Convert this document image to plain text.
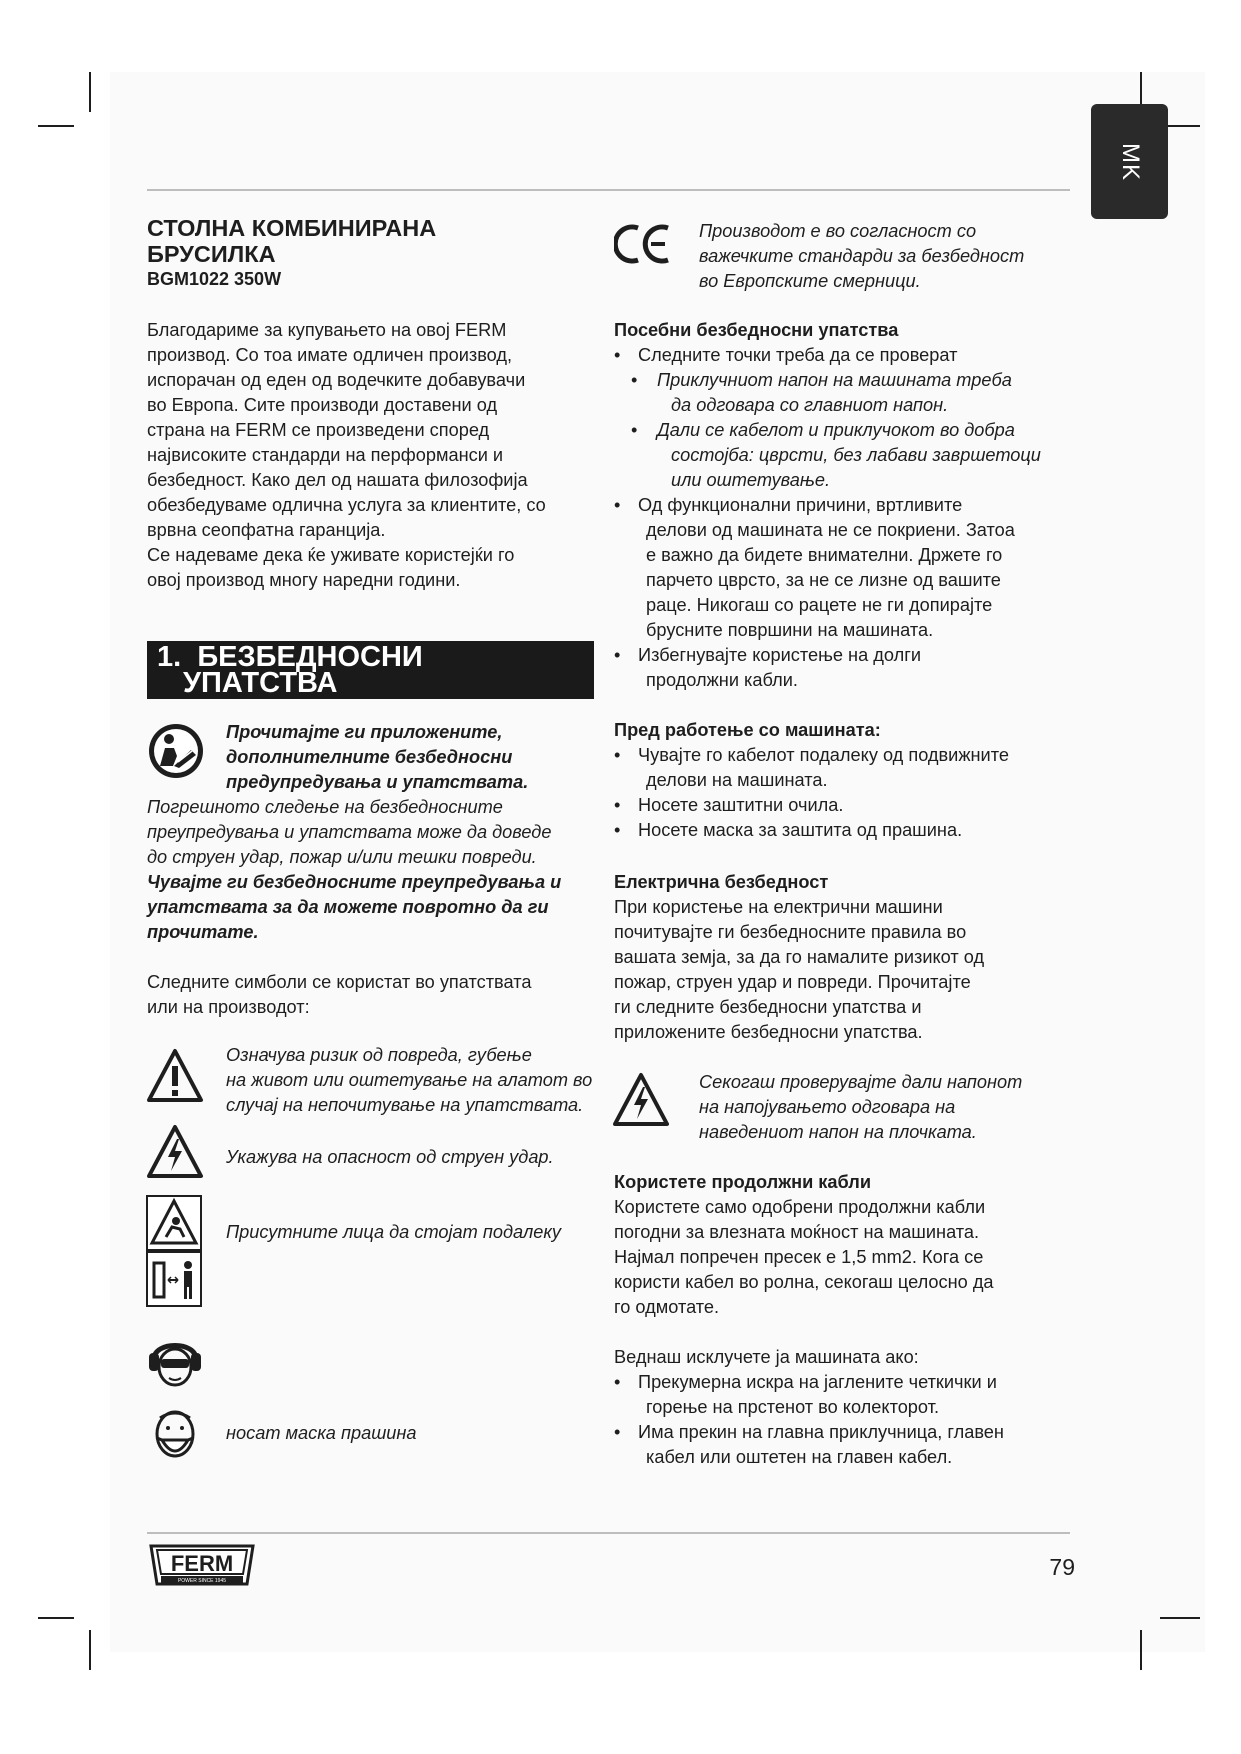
MK
СТОЛНА КОМБИНИРАНА
БРУСИЛКА
BGM1022 350W

Благодариме за купувањето на овој FERM

производ. Со тоа имате одличен производ,

испорачан од еден од водечките добавувачи

во Европа. Сите производи доставени од

страна на FERM се произведени според

највисоките стандарди на перформанси и

безбедност. Како дел од нашата филозофија

обезбедуваме одлична услуга за клиентите, со

врвна сеопфатна гаранција.

Се надеваме дека ќе уживате користејќи го

овој производ многу наредни години.

1. БЕЗБЕДНОСНИ
УПАТСТВА

Прочитајте ги приложените,

дополнителните безбедносни

предупредувања и упатствата.

Погрешното следење на безбедносните

преупредувања и упатствата може да доведе

до струен удар, пожар и/или тешки повреди.

Чувајте ги безбедносните преупредувања и

упатствата за да можете повротно да ги

прочитате.

Следните симболи се користат во упатствата

или на производот:

Означува ризик од повреда, губење

на живот или оштетување на алатот во

случај на непочитување на упатствата.

Укажува на опасност од струен удар.
Присутните лица да стојат подалеку
носат маска прашина

Производот е во согласност со

важечките стандарди за безбедност

во Европските смерници.

Посебни безбедносни упатства

• Следните точки треба да се проверат
• Приклучниот напон на машината треба
да одговара со главниот напон.
• Дали се кабелот и приклучокот во добра
состојба: цврсти, без лабави завршетоци
или оштетување.
• Од функционални причини, вртливите
делови од машината не се покриени. Затоа
е важно да бидете внимателни. Држете го
парчето цврсто, за не се лизне од вашите
раце. Никогаш со рацете не ги допирајте
брусните површини на машината.
• Избегнувајте користење на долги
продолжни кабли.

Пред работење со машината:

• Чувајте го кабелот подалеку од подвижните
делови на машината.
• Носете заштитни очила.
• Носете маска за заштита од прашина.

Електрична безбедност

При користење на електрични машини

почитувајте ги безбедносните правила во

вашата земја, за да го намалите ризикот од

пожар, струен удар и повреди. Прочитајте

ги следните безбедносни упатства и

приложените безбедносни упатства.

Секогаш проверувајте дали напонот

на напојувањето одговара на

наведениот напон на плочката.

Користете продолжни кабли

Користете само одобрени продолжни кабли

погодни за влезната моќност на машината.

Најмал попречен пресек е 1,5 mm2. Кога се

користи кабел во ролна, секогаш целосно да

го одмотате.

Веднаш исклучете ја машината ако:

• Прекумерна искра на јаглените четкички и
горење на прстенот во колекторот.
• Има прекин на главна приклучница, главен
кабел или оштетен на главен кабел.
FERM
POWER SINCE 1945
79
